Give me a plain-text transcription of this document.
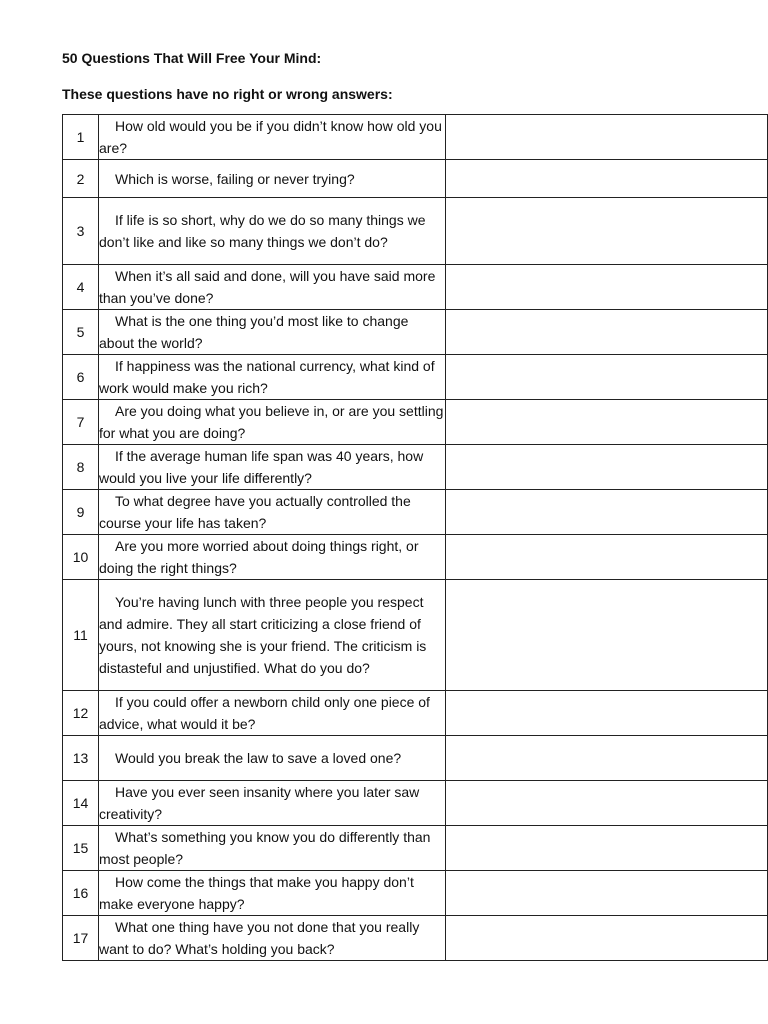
50 Questions That Will Free Your Mind:

These questions have no right or wrong answers:

1	How old would you be if you didn’t know how old you are?	
2	Which is worse, failing or never trying?	
3	If life is so short, why do we do so many things we don’t like and like so many things we don’t do?	
4	When it’s all said and done, will you have said more than you’ve done?	
5	What is the one thing you’d most like to change about the world?	
6	If happiness was the national currency, what kind of work would make you rich?	
7	Are you doing what you believe in, or are you settling for what you are doing?	
8	If the average human life span was 40 years, how would you live your life differently?	
9	To what degree have you actually controlled the course your life has taken?	
10	Are you more worried about doing things right, or doing the right things?	
11	You’re having lunch with three people you respect and admire. They all start criticizing a close friend of yours, not knowing she is your friend. The criticism is distasteful and unjustified. What do you do?	
12	If you could offer a newborn child only one piece of advice, what would it be?	
13	Would you break the law to save a loved one?	
14	Have you ever seen insanity where you later saw creativity?	
15	What’s something you know you do differently than most people?	
16	How come the things that make you happy don’t make everyone happy?	
17	What one thing have you not done that you really want to do? What’s holding you back?	
